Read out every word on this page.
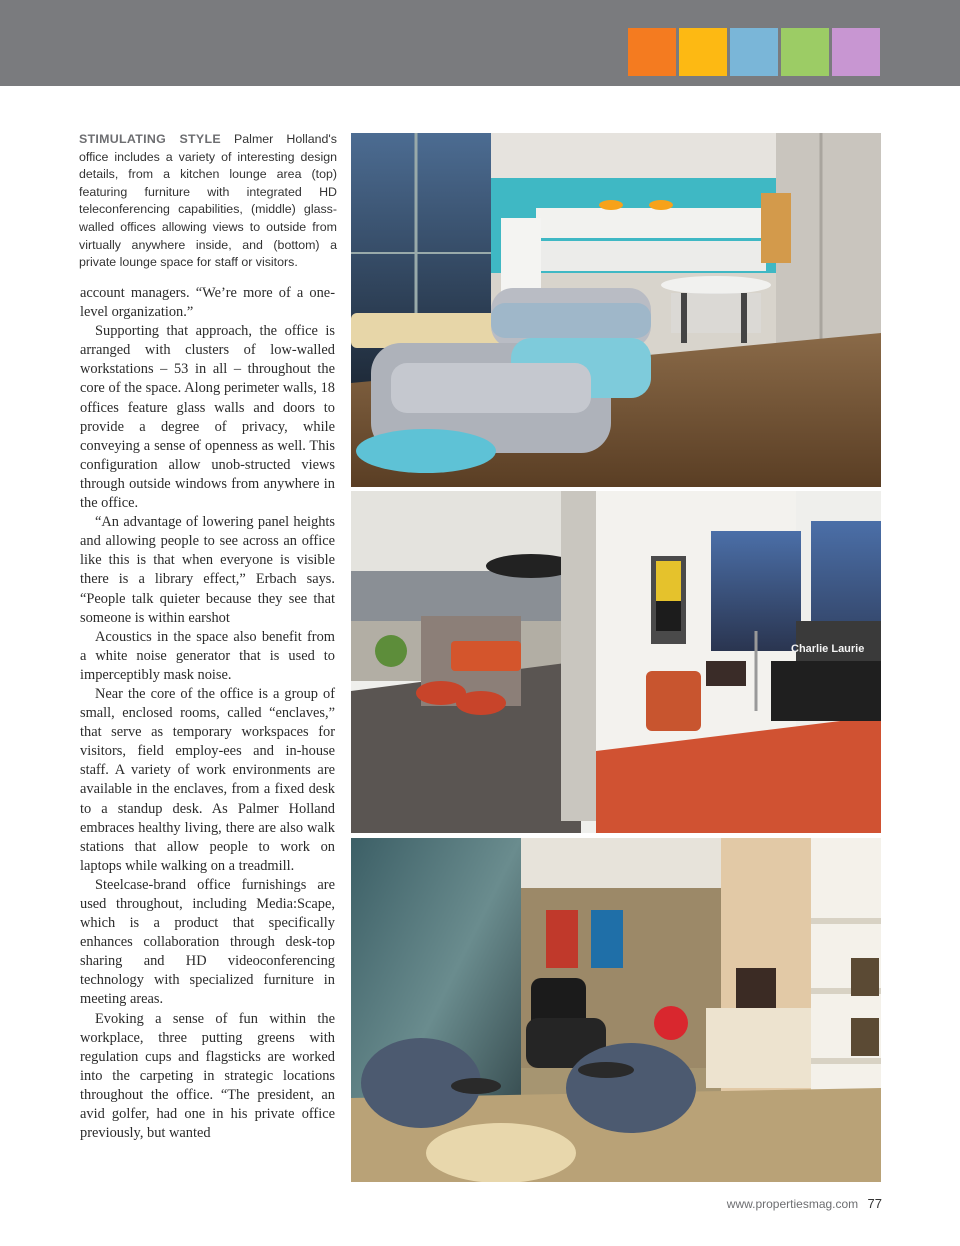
STIMULATING STYLE Palmer Holland's office includes a variety of interesting design details, from a kitchen lounge area (top) featuring furniture with integrated HD teleconferencing capabilities, (middle) glass-walled offices allowing views to outside from virtually anywhere inside, and (bottom) a private lounge space for staff or visitors.

account managers. “We’re more of a one-level organization.”

Supporting that approach, the office is arranged with clusters of low-walled workstations – 53 in all – throughout the core of the space. Along perimeter walls, 18 offices feature glass walls and doors to provide a degree of privacy, while conveying a sense of openness as well. This configuration allow unob-structed views through outside windows from anywhere in the office.

“An advantage of lowering panel heights and allowing people to see across an office like this is that when everyone is visible there is a library effect,” Erbach says. “People talk quieter because they see that someone is within earshot

Acoustics in the space also benefit from a white noise generator that is used to imperceptibly mask noise.

Near the core of the office is a group of small, enclosed rooms, called “enclaves,” that serve as temporary workspaces for visitors, field employ-ees and in-house staff. A variety of work environments are available in the enclaves, from a fixed desk to a standup desk. As Palmer Holland embraces healthy living, there are also walk stations that allow people to work on laptops while walking on a treadmill.

Steelcase-brand office furnishings are used throughout, including Media:Scape, which is a product that specifically enhances collaboration through desk-top sharing and HD videoconferencing technology with specialized furniture in meeting areas.

Evoking a sense of fun within the workplace, three putting greens with regulation cups and flagsticks are worked into the carpeting in strategic locations throughout the office. “The president, an avid golfer, had one in his private office previously, but wanted

Charlie Laurie
www.propertiesmag.com 77
